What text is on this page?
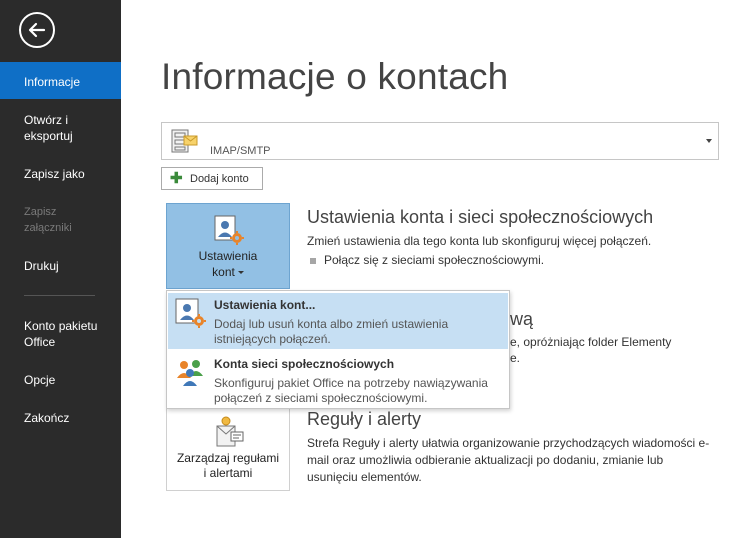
Informacje
Otwórz i
eksportuj
Zapisz jako
Zapisz
załączniki
Drukuj
Konto pakietu
Office
Opcje
Zakończ
Informacje o kontach
IMAP/SMTP
✚ Dodaj konto
Ustawienia
kont
Ustawienia konta i sieci społecznościowych
Zmień ustawienia dla tego konta lub skonfiguruj więcej połączeń.
Połącz się z sieciami społecznościowymi.
wą
e, opróżniając folder Elementy
e.
Zarządzaj regułami
i alertami
Reguły i alerty
Strefa Reguły i alerty ułatwia organizowanie przychodzących wiadomości e-mail oraz umożliwia odbieranie aktualizacji po dodaniu, zmianie lub usunięciu elementów.
Ustawienia kont...
Dodaj lub usuń konta albo zmień ustawienia istniejących połączeń.
Konta sieci społecznościowych
Skonfiguruj pakiet Office na potrzeby nawiązywania połączeń z sieciami społecznościowymi.
